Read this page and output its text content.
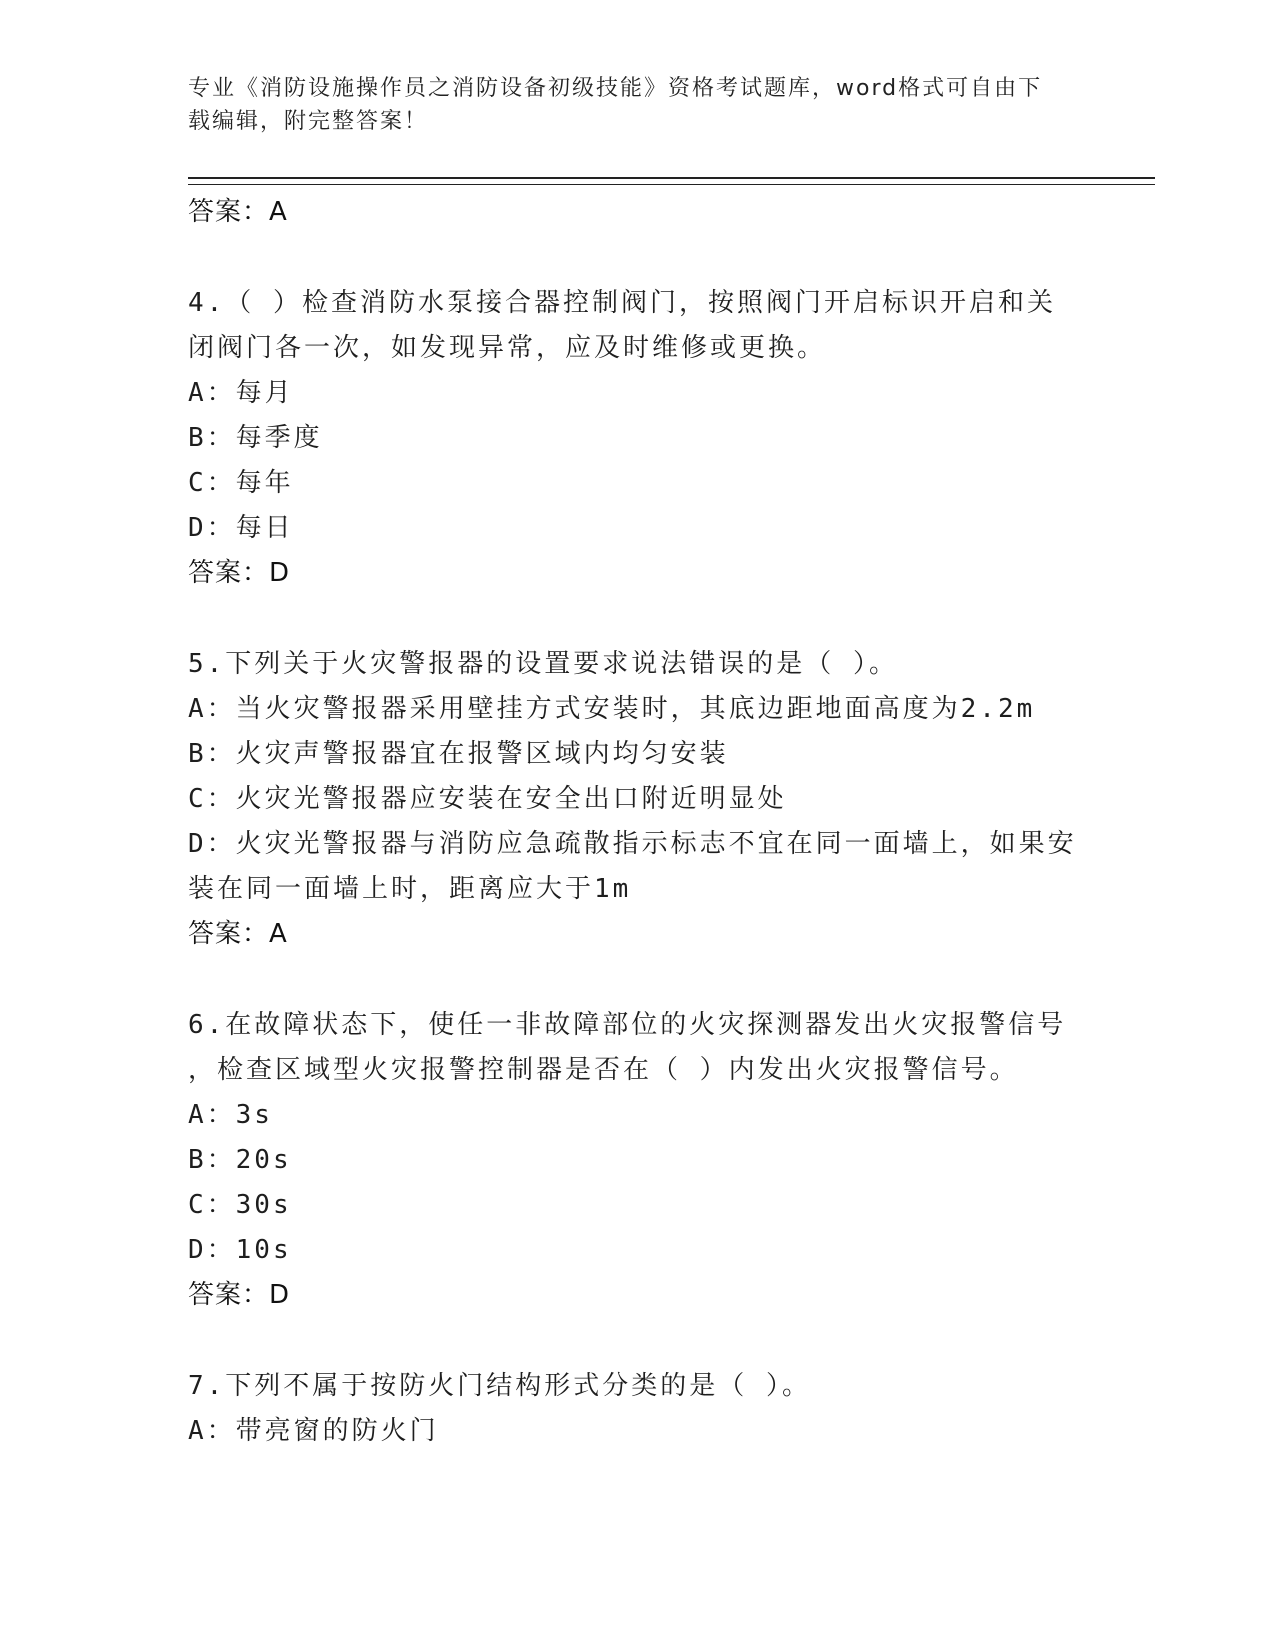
专业《消防设施操作员之消防设备初级技能》资格考试题库，word格式可自由下
载编辑，附完整答案！
答案：A
4.（ ）检查消防水泵接合器控制阀门，按照阀门开启标识开启和关
闭阀门各一次，如发现异常，应及时维修或更换。
A：每月
B：每季度
C：每年
D：每日
答案：D
5.下列关于火灾警报器的设置要求说法错误的是（ ）。
A：当火灾警报器采用壁挂方式安装时，其底边距地面高度为2.2m
B：火灾声警报器宜在报警区域内均匀安装
C：火灾光警报器应安装在安全出口附近明显处
D：火灾光警报器与消防应急疏散指示标志不宜在同一面墙上，如果安
装在同一面墙上时，距离应大于1m
答案：A
6.在故障状态下，使任一非故障部位的火灾探测器发出火灾报警信号
，检查区域型火灾报警控制器是否在（ ）内发出火灾报警信号。
A：3s
B：20s
C：30s
D：10s
答案：D
7.下列不属于按防火门结构形式分类的是（ ）。
A：带亮窗的防火门
